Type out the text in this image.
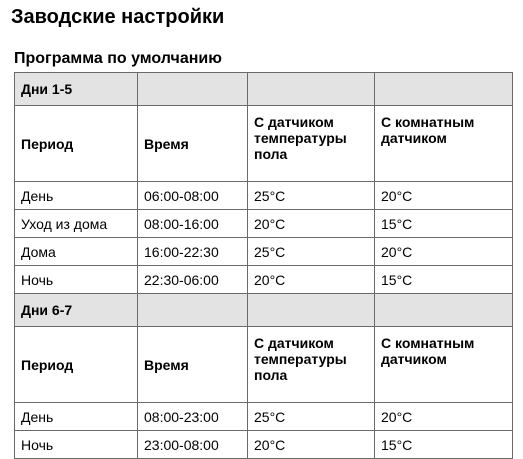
Заводские настройки
Программа по умолчанию
Дни 1-5			
Период	Время	С датчиком температуры пола	С комнатным датчиком
День	06:00-08:00	25°C	20°C
Уход из дома	08:00-16:00	20°C	15°C
Дома	16:00-22:30	25°C	20°C
Ночь	22:30-06:00	20°C	15°C
Дни 6-7			
Период	Время	С датчиком температуры пола	С комнатным датчиком
День	08:00-23:00	25°C	20°C
Ночь	23:00-08:00	20°C	15°C
